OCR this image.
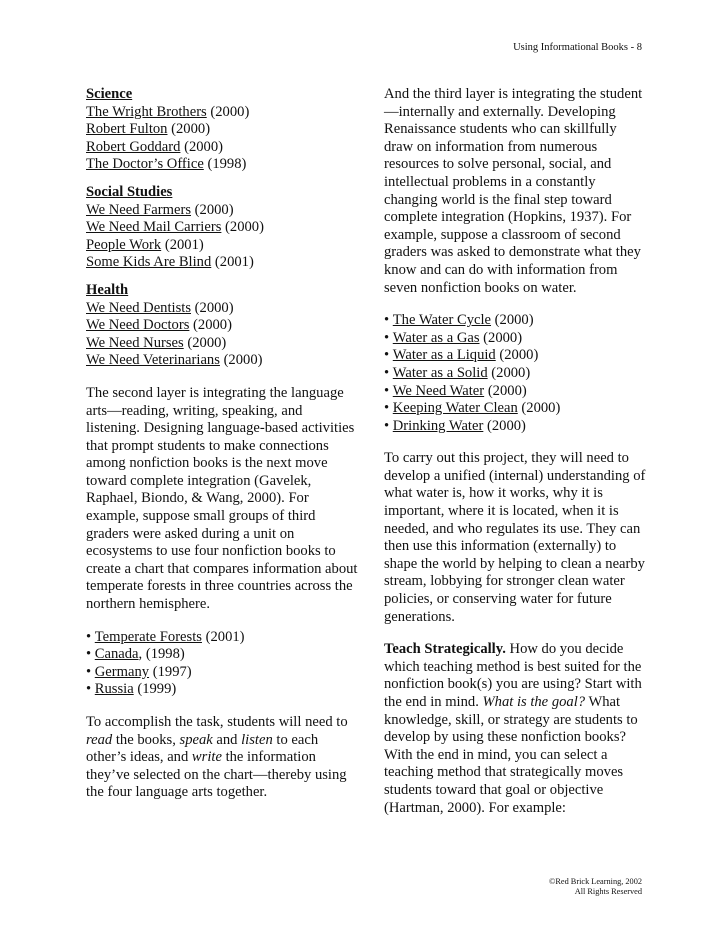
Using Informational Books - 8
Science
The Wright Brothers (2000)
Robert Fulton (2000)
Robert Goddard (2000)
The Doctor’s Office (1998)
Social Studies
We Need Farmers (2000)
We Need Mail Carriers (2000)
People Work (2001)
Some Kids Are Blind (2001)
Health
We Need Dentists (2000)
We Need Doctors (2000)
We Need Nurses (2000)
We Need Veterinarians (2000)

The second layer is integrating the language arts—reading, writing, speaking, and listening. Designing language-based activities that prompt students to make connections among nonfiction books is the next move toward complete integration (Gavelek, Raphael, Biondo, & Wang, 2000). For example, suppose small groups of third graders were asked during a unit on ecosystems to use four nonfiction books to create a chart that compares information about temperate forests in three countries across the northern hemisphere.

• Temperate Forests (2001)
• Canada, (1998)
• Germany (1997)
• Russia (1999)

To accomplish the task, students will need to read the books, speak and listen to each other’s ideas, and write the information they’ve selected on the chart—thereby using the four language arts together.

And the third layer is integrating the student—internally and externally. Developing Renaissance students who can skillfully draw on information from numerous resources to solve personal, social, and intellectual problems in a constantly changing world is the final step toward complete integration (Hopkins, 1937). For example, suppose a classroom of second graders was asked to demonstrate what they know and can do with information from seven nonfiction books on water.

• The Water Cycle (2000)
• Water as a Gas (2000)
• Water as a Liquid (2000)
• Water as a Solid (2000)
• We Need Water (2000)
• Keeping Water Clean (2000)
• Drinking Water (2000)

To carry out this project, they will need to develop a unified (internal) understanding of what water is, how it works, why it is important, where it is located, when it is needed, and who regulates its use. They can then use this information (externally) to shape the world by helping to clean a nearby stream, lobbying for stronger clean water policies, or conserving water for future generations.

Teach Strategically. How do you decide which teaching method is best suited for the nonfiction book(s) you are using? Start with the end in mind. What is the goal? What knowledge, skill, or strategy are students to develop by using these nonfiction books? With the end in mind, you can select a teaching method that strategically moves students toward that goal or objective (Hartman, 2000). For example:

©Red Brick Learning, 2002
All Rights Reserved
